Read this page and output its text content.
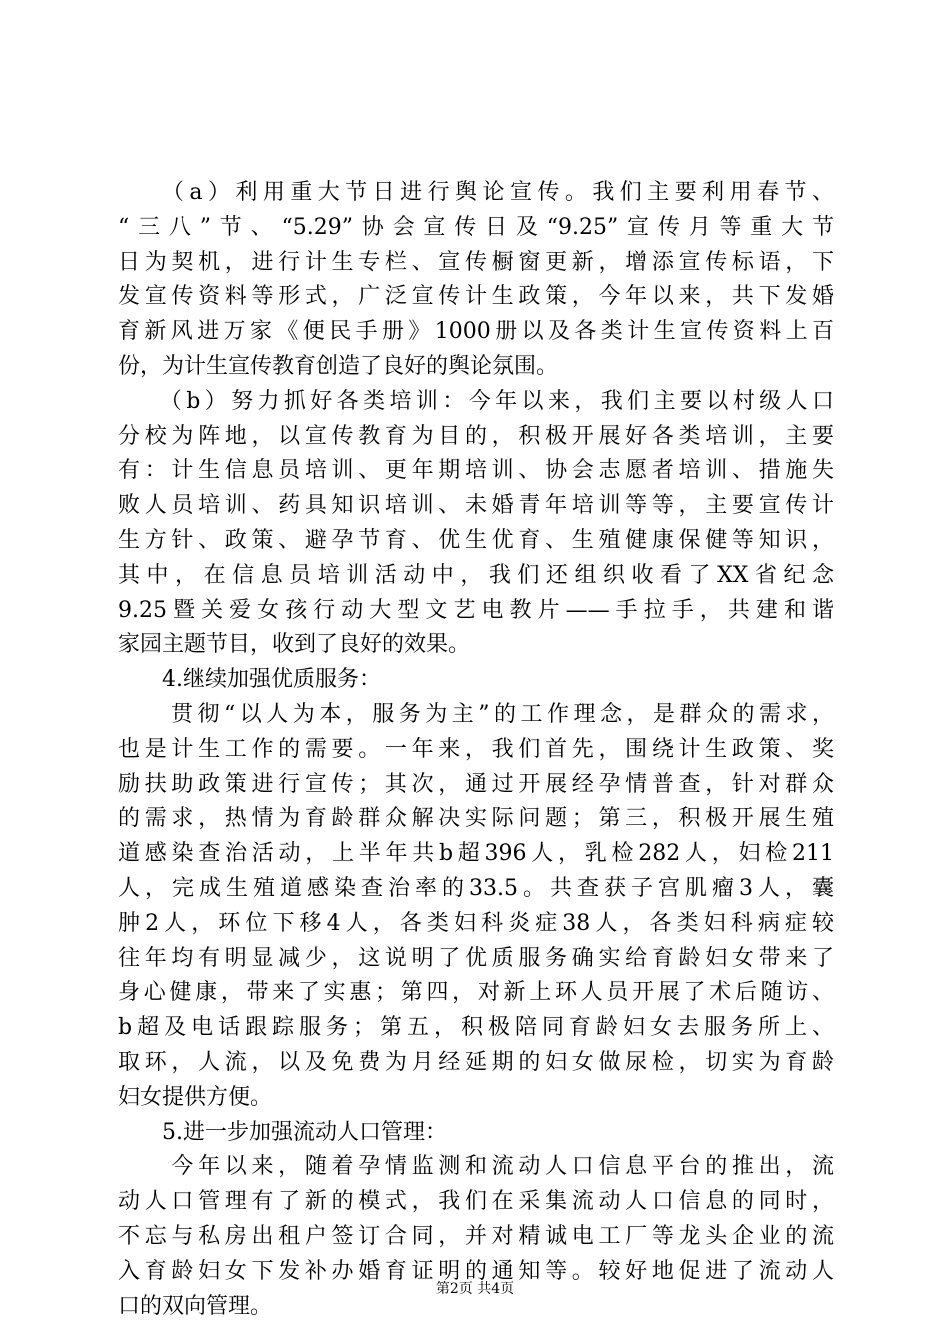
　　（a）利用重大节日进行舆论宣传。我们主要利用春节、
“三八”节、“5.29”协会宣传日及“9.25”宣传月等重大节
日为契机，进行计生专栏、宣传橱窗更新，增添宣传标语，下
发宣传资料等形式，广泛宣传计生政策，今年以来，共下发婚
育新风进万家《便民手册》1000册以及各类计生宣传资料上百
份，为计生宣传教育创造了良好的舆论氛围。
　　（b）努力抓好各类培训：今年以来，我们主要以村级人口
分校为阵地，以宣传教育为目的，积极开展好各类培训，主要
有：计生信息员培训、更年期培训、协会志愿者培训、措施失
败人员培训、药具知识培训、未婚青年培训等等，主要宣传计
生方针、政策、避孕节育、优生优育、生殖健康保健等知识，
其中，在信息员培训活动中，我们还组织收看了XX省纪念
9.25暨关爱女孩行动大型文艺电教片——手拉手，共建和谐
家园主题节目，收到了良好的效果。
　　4.继续加强优质服务：
　　贯彻“以人为本，服务为主”的工作理念，是群众的需求，
也是计生工作的需要。一年来，我们首先，围绕计生政策、奖
励扶助政策进行宣传；其次，通过开展经孕情普查，针对群众
的需求，热情为育龄群众解决实际问题；第三，积极开展生殖
道感染查治活动，上半年共b超396人，乳检282人，妇检211
人，完成生殖道感染查治率的33.5。共查获子宫肌瘤3人，囊
肿2人，环位下移4人，各类妇科炎症38人，各类妇科病症较
往年均有明显减少，这说明了优质服务确实给育龄妇女带来了
身心健康，带来了实惠；第四，对新上环人员开展了术后随访、
b超及电话跟踪服务；第五，积极陪同育龄妇女去服务所上、
取环，人流，以及免费为月经延期的妇女做尿检，切实为育龄
妇女提供方便。
　　5.进一步加强流动人口管理：
　　今年以来，随着孕情监测和流动人口信息平台的推出，流
动人口管理有了新的模式，我们在采集流动人口信息的同时，
不忘与私房出租户签订合同，并对精诚电工厂等龙头企业的流
入育龄妇女下发补办婚育证明的通知等。较好地促进了流动人
口的双向管理。
第2页 共4页
